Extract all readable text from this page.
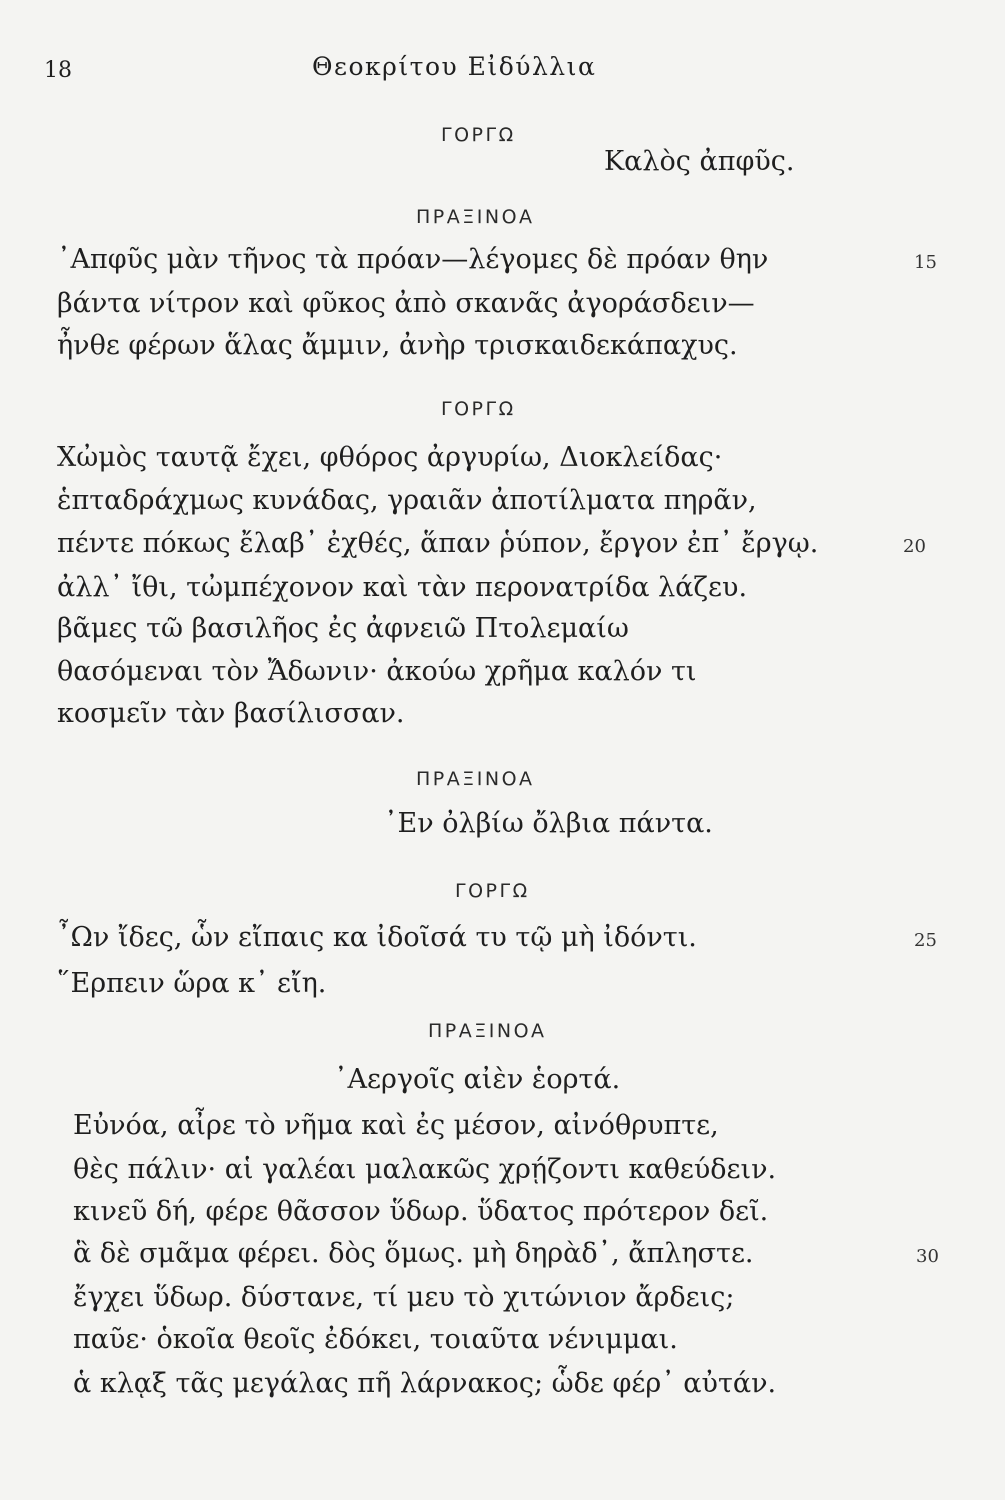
18	Θεοκρίτου Εἰδύλλια
ΓΟΡΓΩ
Καλὸς ἀπφῦς.
ΠΡΑΞΙΝΟΑ
᾿Απφῦς μὰν τῆνος τὰ πρόαν—λέγομες δὲ πρόαν θην
βάντα νίτρον καὶ φῦκος ἀπὸ σκανᾶς ἀγοράσδειν—
ἦνθε φέρων ἅλας ἄμμιν, ἀνὴρ τρισκαιδεκάπαχυς.
ΓΟΡΓΩ
Χὠμὸς ταυτᾷ ἔχει, φθόρος ἀργυρίω, Διοκλείδας·
ἑπταδράχμως κυνάδας, γραιᾶν ἀποτίλματα πηρᾶν,
πέντε πόκως ἔλαβ᾿ ἐχθές, ἅπαν ῥύπον, ἔργον ἐπ᾿ ἔργῳ.
ἀλλ᾿ ἴθι, τὠμπέχονον καὶ τὰν περονατρίδα λάζευ.
βᾶμες τῶ βασιλῆος ἐς ἀφνειῶ Πτολεμαίω
θασόμεναι τὸν Ἄδωνιν· ἀκούω χρῆμα καλόν τι
κοσμεῖν τὰν βασίλισσαν.
ΠΡΑΞΙΝΟΑ
᾿Εν ὀλβίω ὄλβια πάντα.
ΓΟΡΓΩ
῏Ων ἴδες, ὧν εἴπαις κα ἰδοῖσά τυ τῷ μὴ ἰδόντι.
῞Ερπειν ὥρα κ᾿ εἴη.
ΠΡΑΞΙΝΟΑ
᾿Αεργοῖς αἰὲν ἑορτά.
Εὐνόα, αἶρε τὸ νῆμα καὶ ἐς μέσον, αἰνόθρυπτε,
θὲς πάλιν· αἱ γαλέαι μαλακῶς χρῄζοντι καθεύδειν.
κινεῦ δή, φέρε θᾶσσον ὕδωρ. ὕδατος πρότερον δεῖ.
ἃ δὲ σμᾶμα φέρει. δὸς ὅμως. μὴ δηρὰδ᾿, ἄπληστε.
ἔγχει ὕδωρ. δύστανε, τί μευ τὸ χιτώνιον ἄρδεις;
παῦε· ὁκοῖα θεοῖς ἐδόκει, τοιαῦτα νένιμμαι.
ἁ κλᾳξ τᾶς μεγάλας πῆ λάρνακος; ὧδε φέρ᾿ αὐτάν.
15
20
25
30
